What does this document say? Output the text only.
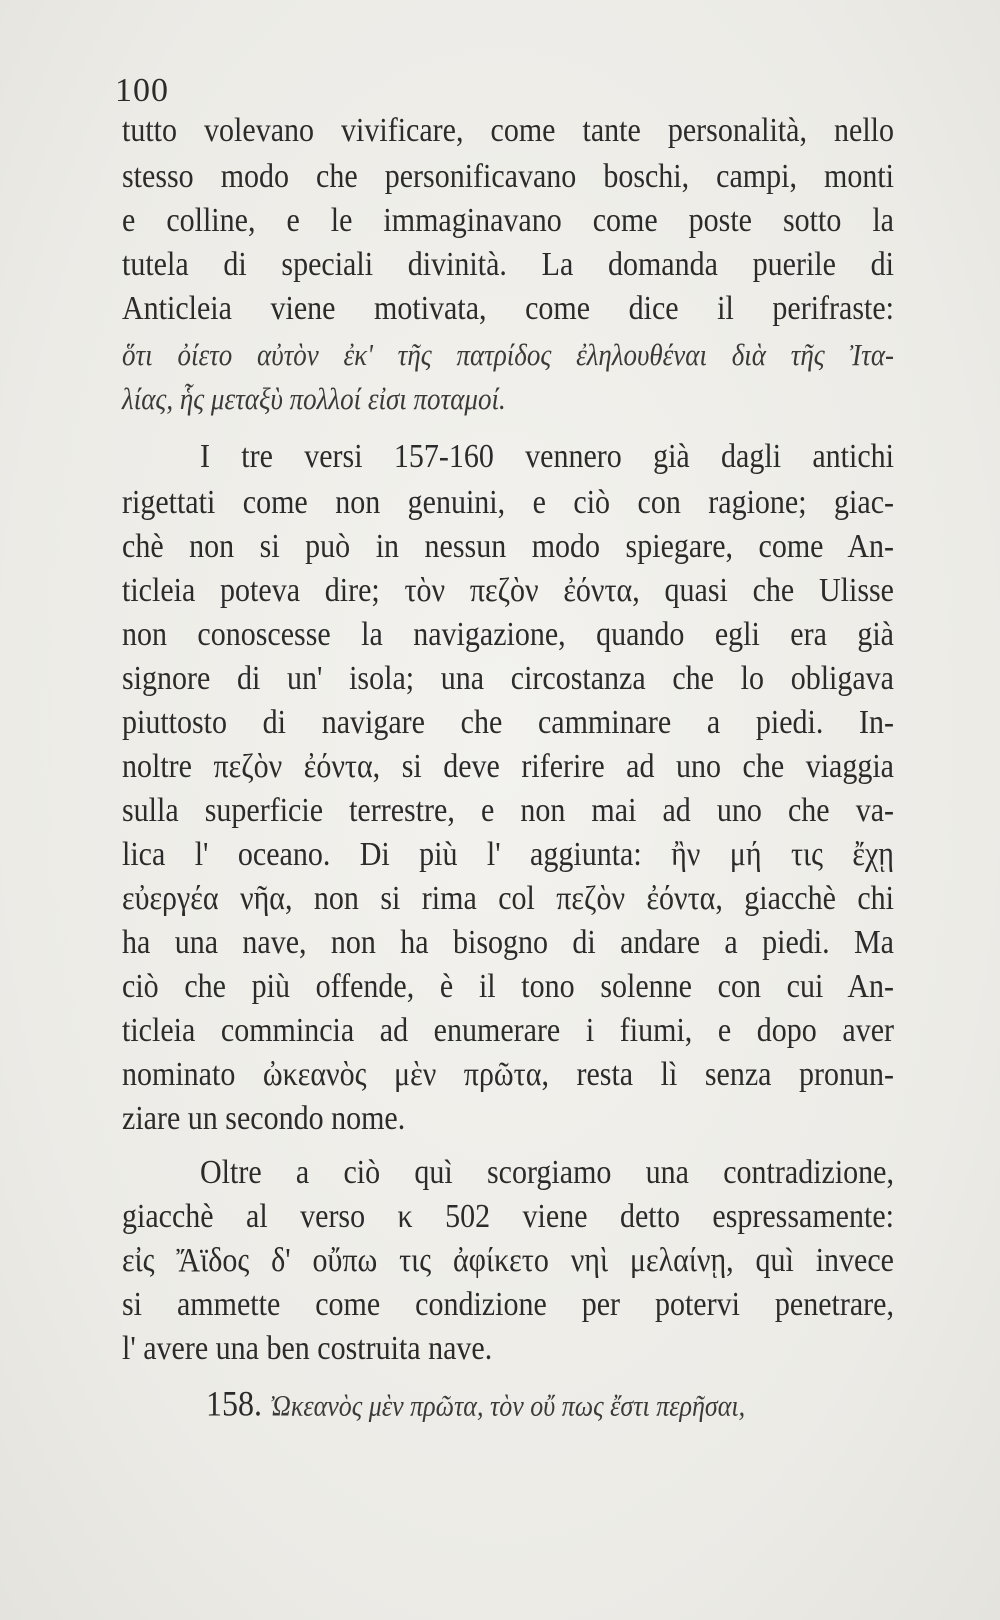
100
tutto volevano vivificare, come tante personalità, nello
stesso modo che personificavano boschi, campi, monti
e colline, e le immaginavano come poste sotto la
tutela di speciali divinità. La domanda puerile di
Anticleia viene motivata, come dice il perifraste:
ὅτι ὀίετο αὐτὸν ἐκ' τῆς πατρίδος ἐληλουθέναι διὰ τῆς Ἰτα-
λίας, ἧς μεταξὺ πολλοί εἰσι ποταμοί.
I tre versi 157-160 vennero già dagli antichi
rigettati come non genuini, e ciò con ragione; giac-
chè non si può in nessun modo spiegare, come An-
ticleia poteva dire; τὸν πεζὸν ἐόντα, quasi che Ulisse
non conoscesse la navigazione, quando egli era già
signore di un' isola; una circostanza che lo obligava
piuttosto di navigare che camminare a piedi. In-
noltre πεζὸν ἐόντα, si deve riferire ad uno che viaggia
sulla superficie terrestre, e non mai ad uno che va-
lica l' oceano. Di più l' aggiunta: ἢν μή τις ἔχῃ
εὐεργέα νῆα, non si rima col πεζὸν ἐόντα, giacchè chi
ha una nave, non ha bisogno di andare a piedi. Ma
ciò che più offende, è il tono solenne con cui An-
ticleia commincia ad enumerare i fiumi, e dopo aver
nominato ὠκεανὸς μὲν πρῶτα, resta lì senza pronun-
ziare un secondo nome.
Oltre a ciò quì scorgiamo una contradizione,
giacchè al verso κ 502 viene detto espressamente:
εἰς Ἄϊδος δ' οὔπω τις ἀφίκετο νηὶ μελαίνῃ, quì invece
si ammette come condizione per potervi penetrare,
l' avere una ben costruita nave.
158. Ὠκεανὸς μὲν πρῶτα, τὸν οὔ πως ἔστι περῆσαι,
